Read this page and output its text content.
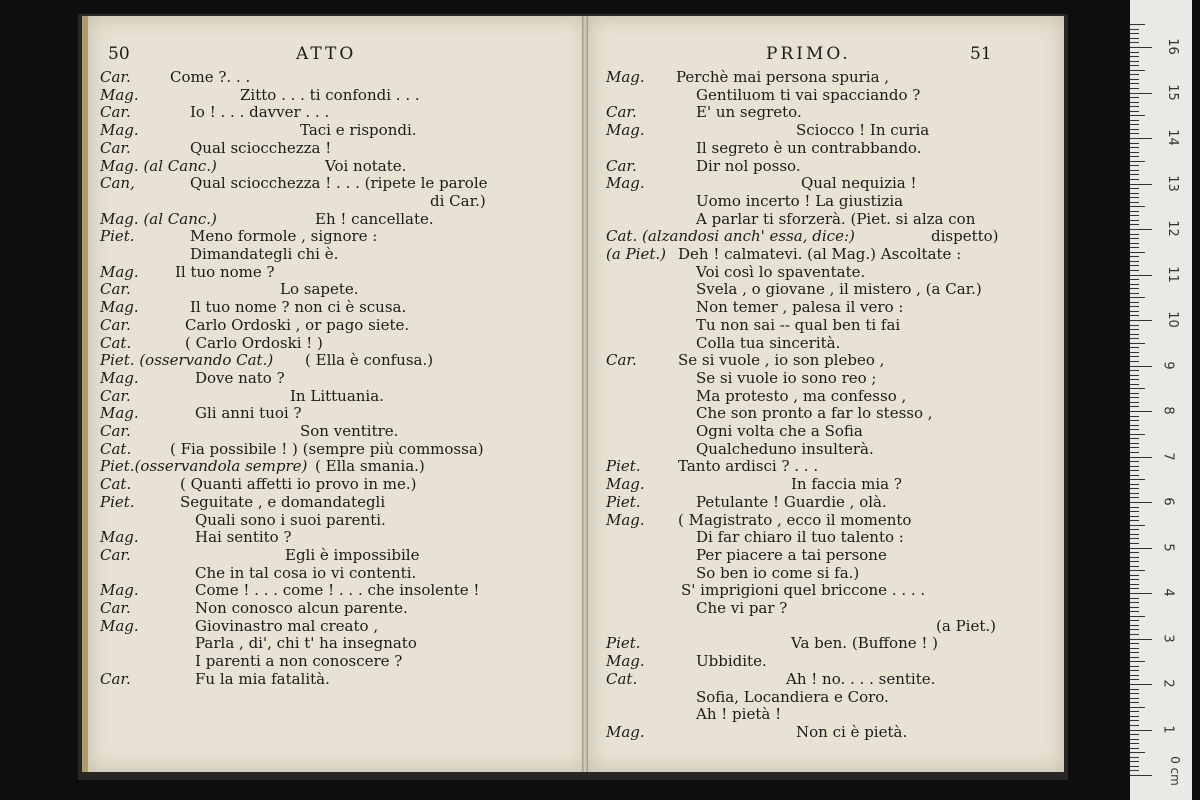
50	ATTO
Car.	Come ?. . .
Mag.	Zitto . . . ti confondi . . .
Car.	Io ! . . . davver . . .
Mag.	Taci e rispondi.
Car.	Qual sciocchezza !
Mag. (al Canc.)	Voi notate.
Can,	Qual sciocchezza ! . . . (ripete le parole
di Car.)
Mag. (al Canc.)	Eh ! cancellate.
Piet.	Meno formole , signore :
Dimandategli chi è.
Mag. Il tuo nome ?
Car.	Lo sapete.
Mag.	Il tuo nome ? non ci è scusa.
Car.	Carlo Ordoski , or pago siete.
Cat.	( Carlo Ordoski ! )
Piet. (osservando Cat.) ( Ella è confusa.)
Mag.	Dove nato ?
Car.	In Littuania.
Mag.	Gli anni tuoi ?
Car.	Son ventitre.
Cat.	( Fia possibile ! ) (sempre più commossa)
Piet.(osservandola sempre) ( Ella smania.)
Cat.	( Quanti affetti io provo in me.)
Piet.	Seguitate , e domandategli
Quali sono i suoi parenti.
Mag.	Hai sentito ?
Car.	Egli è impossibile
Che in tal cosa io vi contenti.
Mag.	Come ! . . . come ! . . . che insolente !
Car.	Non conosco alcun parente.
Mag.	Giovinastro mal creato ,
Parla , di', chi t' ha insegnato
I parenti a non conoscere ?
Car.	Fu la mia fatalità.
PRIMO.	51
Mag. Perchè mai persona spuria ,
Gentiluom ti vai spacciando ?
Car.	E' un segreto.
Mag.	Sciocco ! In curia
Il segreto è un contrabbando.
Car.	Dir nol posso.
Mag.	Qual nequizia !
Uomo incerto ! La giustizia
A parlar ti sforzerà. (Piet. si alza con
Cat. (alzandosi anch' essa, dice:)	dispetto)
(a Piet.) Deh ! calmatevi. (al Mag.) Ascoltate :
Voi così lo spaventate.
Svela , o giovane , il mistero , (a Car.)
Non temer , palesa il vero :
Tu non sai -- qual ben ti fai
Colla tua sincerità.
Car.	Se si vuole , io son plebeo ,
Se si vuole io sono reo ;
Ma protesto , ma confesso ,
Che son pronto a far lo stesso ,
Ogni volta che a Sofia
Qualcheduno insulterà.
Piet. Tanto ardisci ? . . .
Mag.	In faccia mia ?
Piet.	Petulante ! Guardie , olà.
Mag. ( Magistrato , ecco il momento
Di far chiaro il tuo talento :
Per piacere a tai persone
So ben io come si fa.)
S' imprigioni quel briccone . . . .
Che vi par ?
(a Piet.)
Piet.	Va ben. (Buffone ! )
Mag.	Ubbidite.
Cat.	Ah ! no. . . . sentite.
Sofia, Locandiera e Coro.
Ah ! pietà !
Mag.	Non ci è pietà.
0 cm
1
2
3
4
5
6
7
8
9
10
11
12
13
14
15
16
